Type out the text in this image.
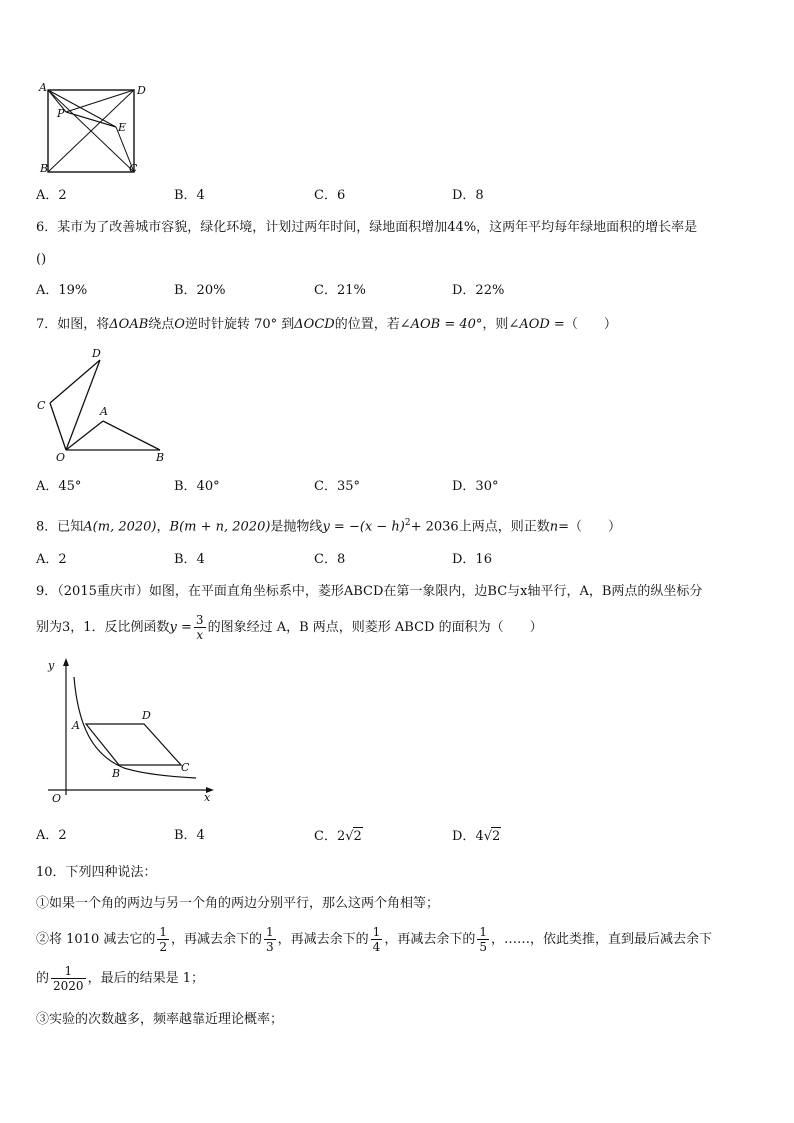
A	D
P
E
B	C
A．2	B．4	C．6	D．8
6．某市为了改善城市容貌，绿化环境，计划过两年时间，绿地面积增加44%，这两年平均每年绿地面积的增长率是
()
A．19%	B．20%	C．21%	D．22%
7．如图，将ΔOAB绕点O逆时针旋转 70° 到ΔOCD的位置，若∠AOB = 40°，则∠AOD =（　　）
D
C	A
O	B
A．45°	B．40°	C．35°	D．30°
8．已知A(m, 2020)，B(m + n, 2020)是抛物线$y = -(x - h)^2+ 2036$上两点，则正数n=（　　）
A．2	B．4	C．8	D．16
9．（2015重庆市）如图，在平面直角坐标系中，菱形ABCD在第一象限内，边BC与x轴平行，A，B两点的纵坐标分
别为3，1．反比例函数$y = \frac{3}{x}$ 的图象经过 A，B 两点，则菱形 ABCD 的面积为（　　）
y
x
O
A
D
B	C
A．2	B．4	C．2√2	D．4√2
10．下列四种说法：
①如果一个角的两边与另一个角的两边分别平行，那么这两个角相等；
②将 1010 减去它的 $\frac{1}{2}$ ，再减去余下的 $\frac{1}{3}$ ，再减去余下的 $\frac{1}{4}$ ，再减去余下的 $\frac{1}{5}$ ，……，依此类推，直到最后减去余下
的 $\frac{1}{2020}$ ，最后的结果是 1；
③实验的次数越多，频率越靠近理论概率；
